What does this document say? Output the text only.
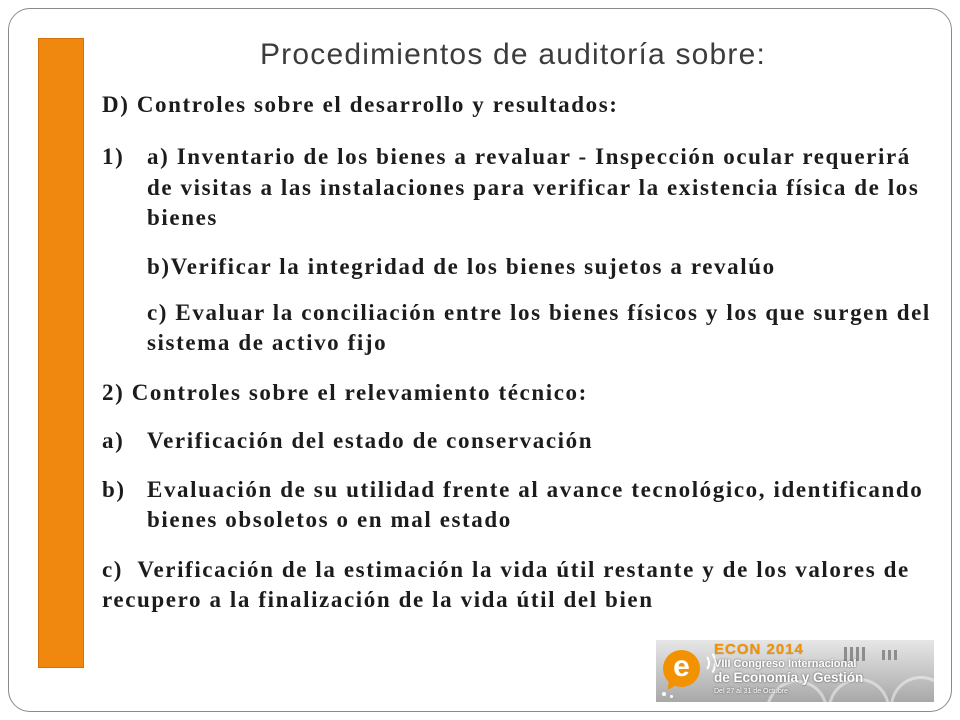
Procedimientos de auditoría sobre:
D) Controles sobre el desarrollo y resultados:
1) a) Inventario de los bienes a revaluar - Inspección ocular requerirá
de visitas a las instalaciones para verificar la existencia física de los
bienes
b)Verificar la integridad de los bienes sujetos a revalúo
c) Evaluar la conciliación entre los bienes físicos y los que surgen del
sistema de activo fijo
2) Controles sobre el relevamiento técnico:
a) Verificación del estado de conservación
b) Evaluación de su utilidad frente al avance tecnológico, identificando
bienes obsoletos o en mal estado
c)  Verificación de la estimación la vida útil restante y de los valores de
recupero a la finalización de la vida útil del bien
e
ECON 2014
VIII Congreso Internacional
de Economía y Gestión
Del 27 al 31 de Octubre
